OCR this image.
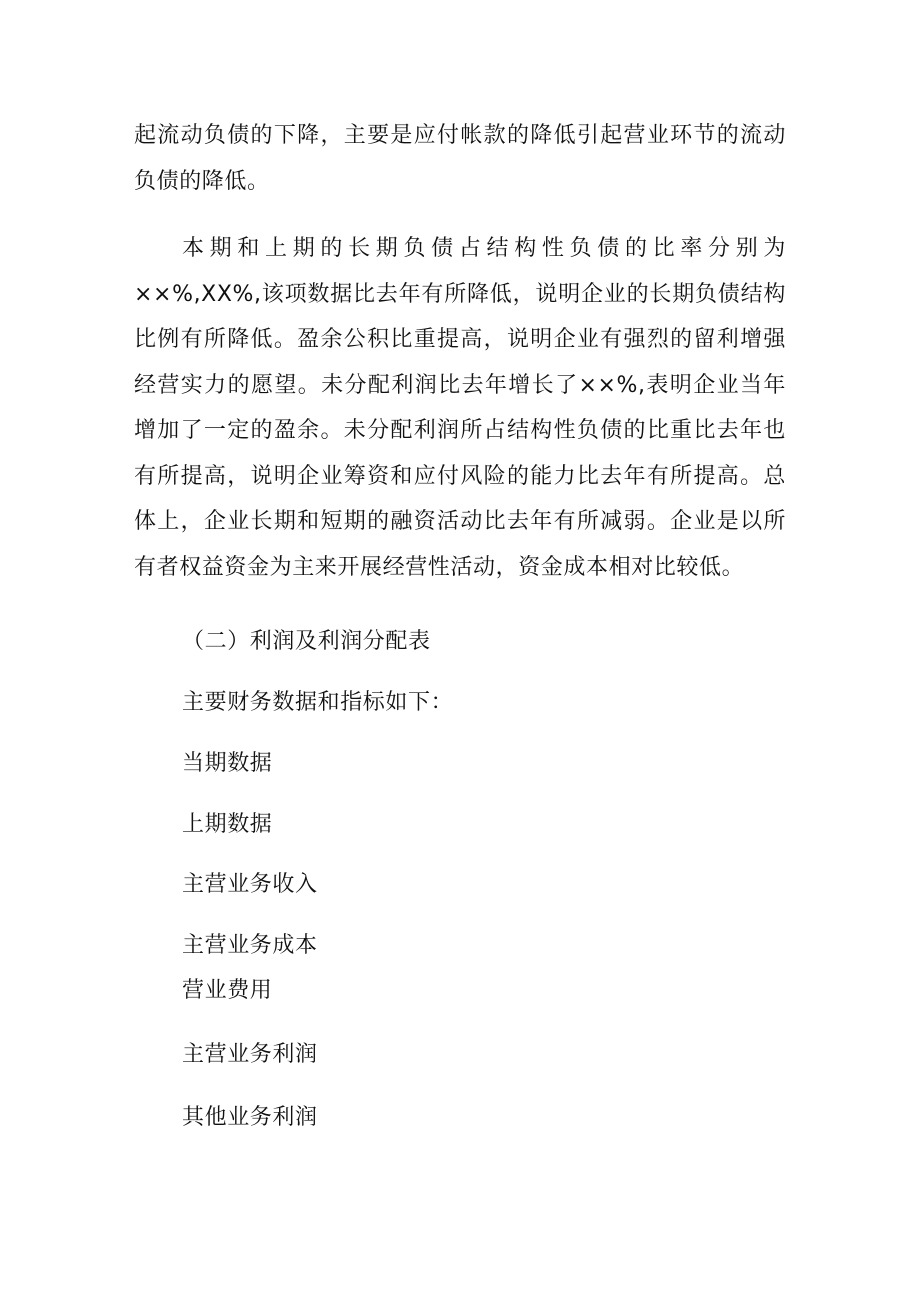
起流动负债的下降，主要是应付帐款的降低引起营业环节的流动负债的降低。

本期和上期的长期负债占结构性负债的比率分别为××%,XX%,该项数据比去年有所降低，说明企业的长期负债结构比例有所降低。盈余公积比重提高，说明企业有强烈的留利增强经营实力的愿望。未分配利润比去年增长了××%,表明企业当年增加了一定的盈余。未分配利润所占结构性负债的比重比去年也有所提高，说明企业筹资和应付风险的能力比去年有所提高。总体上，企业长期和短期的融资活动比去年有所减弱。企业是以所有者权益资金为主来开展经营性活动，资金成本相对比较低。

（二）利润及利润分配表

主要财务数据和指标如下：

当期数据

上期数据

主营业务收入

主营业务成本

营业费用

主营业务利润

其他业务利润
